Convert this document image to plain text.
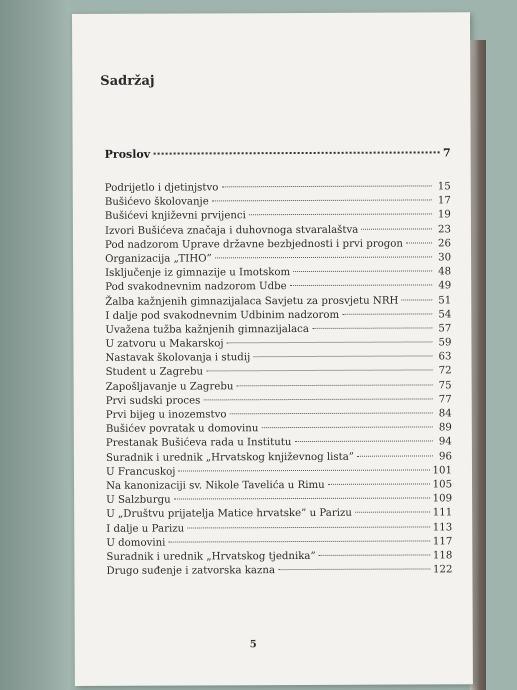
Sadržaj
Proslov	7
Podrijetlo i djetinjstvo	15
Bušićevo školovanje	17
Bušićevi književni prvijenci	19
Izvori Bušićeva značaja i duhovnoga stvaralaštva	23
Pod nadzorom Uprave državne bezbjednosti i prvi progon	26
Organizacija „TIHO”	30
Isključenje iz gimnazije u Imotskom	48
Pod svakodnevnim nadzorom Udbe	49
Žalba kažnjenih gimnazijalaca Savjetu za prosvjetu NRH	51
I dalje pod svakodnevnim Udbinim nadzorom	54
Uvažena tužba kažnjenih gimnazijalaca	57
U zatvoru u Makarskoj	59
Nastavak školovanja i studij	63
Student u Zagrebu	72
Zapošljavanje u Zagrebu	75
Prvi sudski proces	77
Prvi bijeg u inozemstvo	84
Bušićev povratak u domovinu	89
Prestanak Bušićeva rada u Institutu	94
Suradnik i urednik „Hrvatskog književnog lista”	96
U Francuskoj	101
Na kanonizaciji sv. Nikole Tavelića u Rimu	105
U Salzburgu	109
U „Društvu prijatelja Matice hrvatske” u Parizu	111
I dalje u Parizu	113
U domovini	117
Suradnik i urednik „Hrvatskog tjednika”	118
Drugo suđenje i zatvorska kazna	122
5
